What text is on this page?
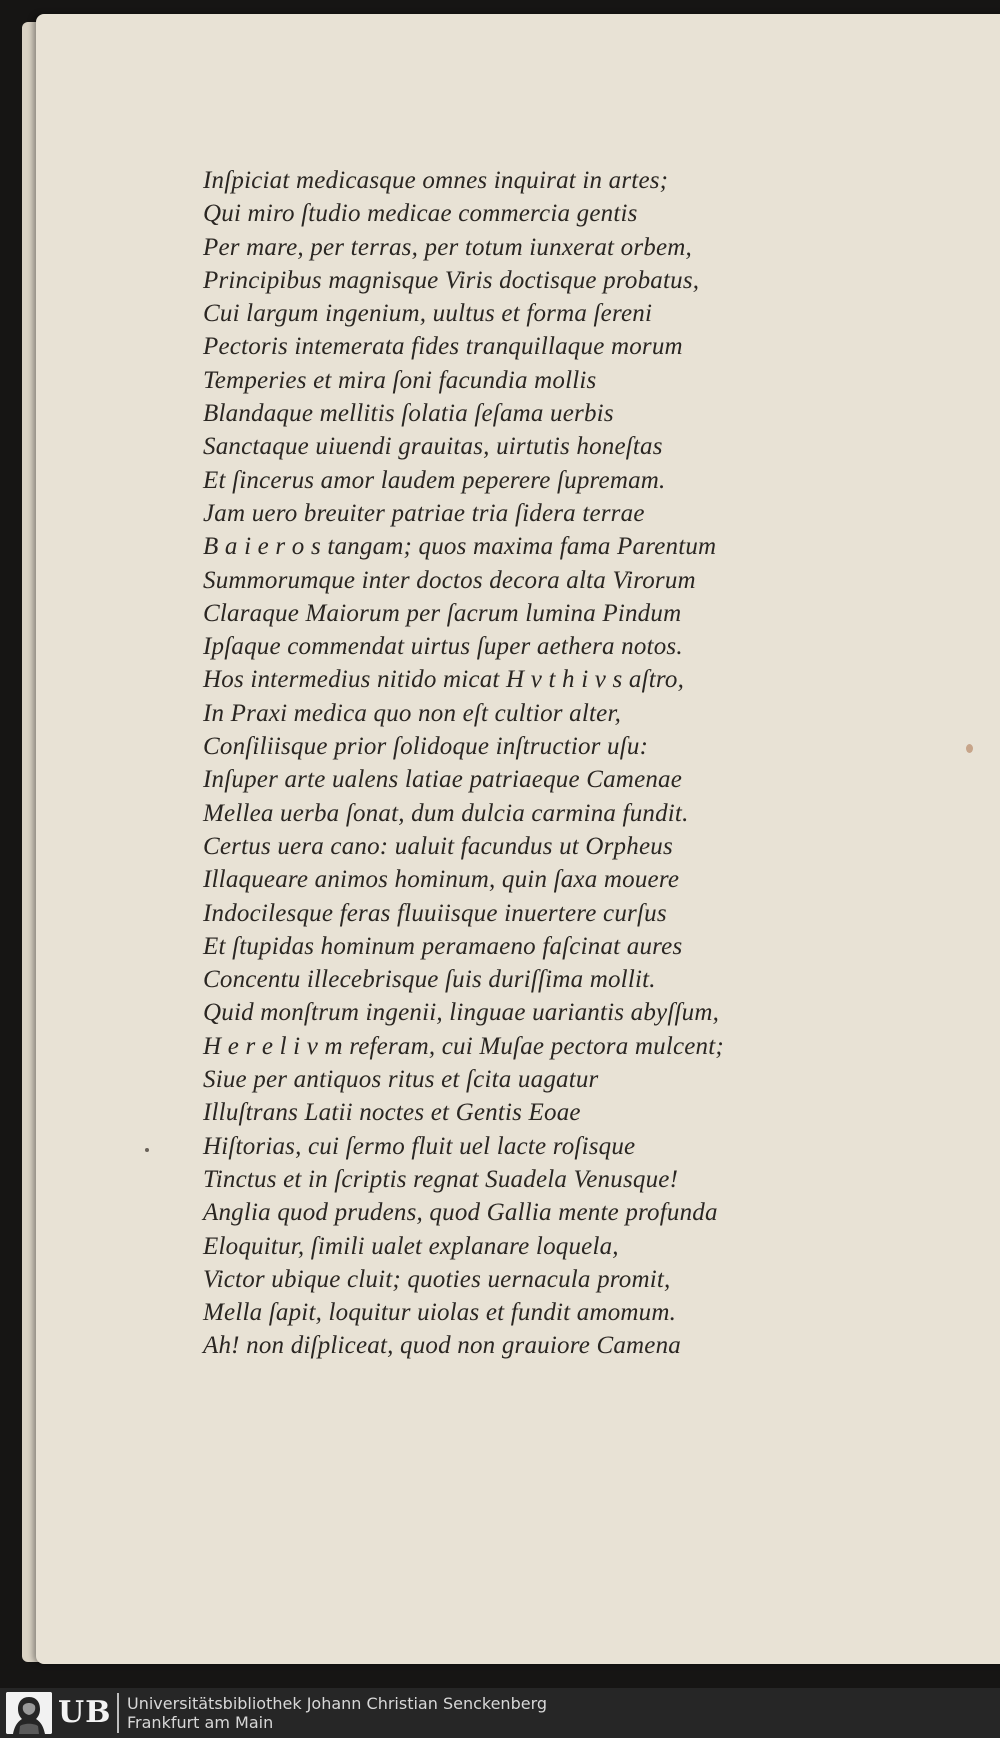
Inſpiciat medicasque omnes inquirat in artes;
Qui miro ſtudio medicae commercia gentis
Per mare, per terras, per totum iunxerat orbem,
Principibus magnisque Viris doctisque probatus,
Cui largum ingenium, uultus et forma ſereni
Pectoris intemerata fides tranquillaque morum
Temperies et mira ſoni facundia mollis
Blandaque mellitis ſolatia ſeſama uerbis
Sanctaque uiuendi grauitas, uirtutis honeſtas
Et ſincerus amor laudem peperere ſupremam.
Jam uero breuiter patriae tria ſidera terrae
B a i e r o s tangam; quos maxima fama Parentum
Summorumque inter doctos decora alta Virorum
Claraque Maiorum per ſacrum lumina Pindum
Ipſaque commendat uirtus ſuper aethera notos.
Hos intermedius nitido micat H v t h i v s aſtro,
In Praxi medica quo non eſt cultior alter,
Conſiliisque prior ſolidoque inſtructior uſu:
Inſuper arte ualens latiae patriaeque Camenae
Mellea uerba ſonat, dum dulcia carmina fundit.
Certus uera cano: ualuit facundus ut Orpheus
Illaqueare animos hominum, quin ſaxa mouere
Indocilesque feras fluuiisque inuertere curſus
Et ſtupidas hominum peramaeno faſcinat aures
Concentu illecebrisque ſuis duriſſima mollit.
Quid monſtrum ingenii, linguae uariantis abyſſum,
H e r e l i v m referam, cui Muſae pectora mulcent;
Siue per antiquos ritus et ſcita uagatur
Illuſtrans Latii noctes et Gentis Eoae
Hiſtorias, cui ſermo fluit uel lacte roſisque
Tinctus et in ſcriptis regnat Suadela Venusque!
Anglia quod prudens, quod Gallia mente profunda
Eloquitur, ſimili ualet explanare loquela,
Victor ubique cluit; quoties uernacula promit,
Mella ſapit, loquitur uiolas et fundit amomum.
Ah! non diſpliceat, quod non grauiore Camena
UB Universitätsbibliothek Johann Christian Senckenberg
Frankfurt am Main
